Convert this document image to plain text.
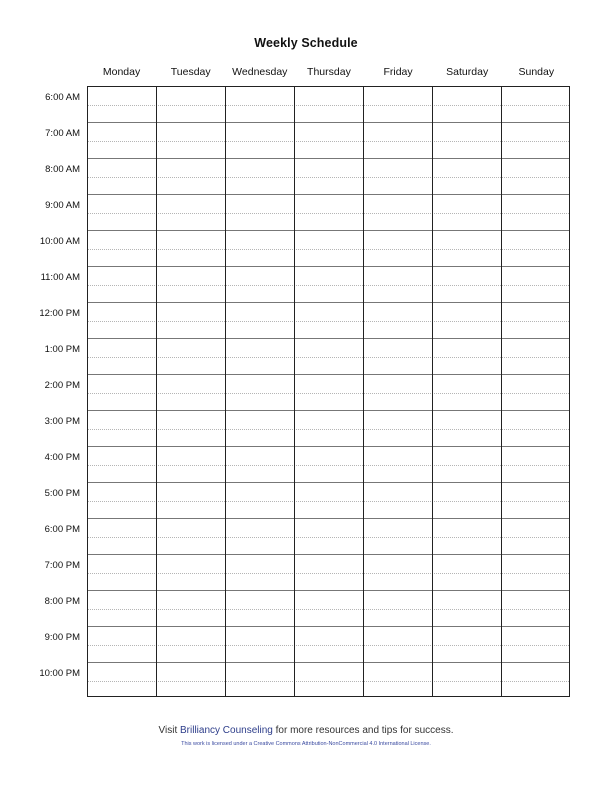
Weekly Schedule
Monday	Tuesday	Wednesday	Thursday	Friday	Saturday	Sunday
6:00 AM
7:00 AM
8:00 AM
9:00 AM
10:00 AM
11:00 AM
12:00 PM
1:00 PM
2:00 PM
3:00 PM
4:00 PM
5:00 PM
6:00 PM
7:00 PM
8:00 PM
9:00 PM
10:00 PM
Visit Brilliancy Counseling for more resources and tips for success.
This work is licensed under a Creative Commons Attribution-NonCommercial 4.0 International License.
